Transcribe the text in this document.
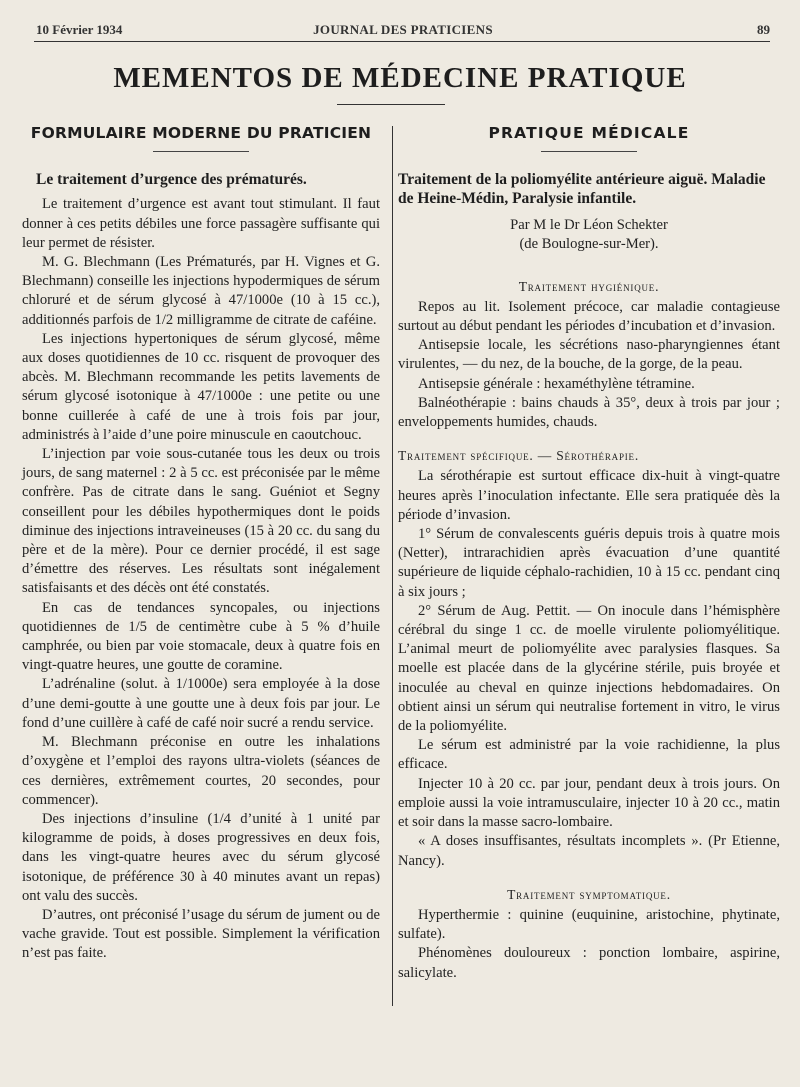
10 Février 1934	JOURNAL DES PRATICIENS	89
MEMENTOS DE MÉDECINE PRATIQUE
FORMULAIRE MODERNE DU PRATICIEN
Le traitement d’urgence des prématurés.

Le traitement d’urgence est avant tout stimulant. Il faut donner à ces petits débiles une force passagère suffisante qui leur permet de résister.

M. G. Blechmann (Les Prématurés, par H. Vignes et G. Blechmann) conseille les injections hypodermiques de sérum chloruré et de sérum glycosé à 47/1000e (10 à 15 cc.), additionnés parfois de 1/2 milligramme de citrate de caféine.

Les injections hypertoniques de sérum glycosé, même aux doses quotidiennes de 10 cc. risquent de provoquer des abcès. M. Blechmann recommande les petits lavements de sérum glycosé isotonique à 47/1000e : une petite ou une bonne cuillerée à café de une à trois fois par jour, administrés à l’aide d’une poire minuscule en caoutchouc.

L’injection par voie sous-cutanée tous les deux ou trois jours, de sang maternel : 2 à 5 cc. est préconisée par le même confrère. Pas de citrate dans le sang. Guéniot et Segny conseillent pour les débiles hypothermiques dont le poids diminue des injections intraveineuses (15 à 20 cc. du sang du père et de la mère). Pour ce dernier procédé, il est sage d’émettre des réserves. Les résultats sont inégalement satisfaisants et des décès ont été constatés.

En cas de tendances syncopales, ou injections quotidiennes de 1/5 de centimètre cube à 5 % d’huile camphrée, ou bien par voie stomacale, deux à quatre fois en vingt-quatre heures, une goutte de coramine.

L’adrénaline (solut. à 1/1000e) sera employée à la dose d’une demi-goutte à une goutte une à deux fois par jour. Le fond d’une cuillère à café de café noir sucré a rendu service.

M. Blechmann préconise en outre les inhalations d’oxygène et l’emploi des rayons ultra-violets (séances de ces dernières, extrêmement courtes, 20 secondes, pour commencer).

Des injections d’insuline (1/4 d’unité à 1 unité par kilogramme de poids, à doses progressives en deux fois, dans les vingt-quatre heures avec du sérum glycosé isotonique, de préférence 30 à 40 minutes avant un repas) ont valu des succès.

D’autres, ont préconisé l’usage du sérum de jument ou de vache gravide. Tout est possible. Simplement la vérification n’est pas faite.

PRATIQUE MÉDICALE
Traitement de la poliomyélite antérieure aiguë. Maladie de Heine-Médin, Paralysie infantile.
Par M le Dr Léon Schekter
(de Boulogne-sur-Mer).
Traitement hygiénique.

Repos au lit. Isolement précoce, car maladie contagieuse surtout au début pendant les périodes d’incubation et d’invasion.

Antisepsie locale, les sécrétions naso-pharyngiennes étant virulentes, — du nez, de la bouche, de la gorge, de la peau.

Antisepsie générale : hexaméthylène tétramine.

Balnéothérapie : bains chauds à 35°, deux à trois par jour ; enveloppements humides, chauds.

Traitement spécifique. — Sérothérapie.

La sérothérapie est surtout efficace dix-huit à vingt-quatre heures après l’inoculation infectante. Elle sera pratiquée dès la période d’invasion.

1° Sérum de convalescents guéris depuis trois à quatre mois (Netter), intrarachidien après évacuation d’une quantité supérieure de liquide céphalo-rachidien, 10 à 15 cc. pendant cinq à six jours ;

2° Sérum de Aug. Pettit. — On inocule dans l’hémisphère cérébral du singe 1 cc. de moelle virulente poliomyélitique. L’animal meurt de poliomyélite avec paralysies flasques. Sa moelle est placée dans de la glycérine stérile, puis broyée et inoculée au cheval en quinze injections hebdomadaires. On obtient ainsi un sérum qui neutralise fortement in vitro, le virus de la poliomyélite.

Le sérum est administré par la voie rachidienne, la plus efficace.

Injecter 10 à 20 cc. par jour, pendant deux à trois jours. On emploie aussi la voie intramusculaire, injecter 10 à 20 cc., matin et soir dans la masse sacro-lombaire.

« A doses insuffisantes, résultats incomplets ». (Pr Etienne, Nancy).

Traitement symptomatique.

Hyperthermie : quinine (euquinine, aristochine, phytinate, sulfate).

Phénomènes douloureux : ponction lombaire, aspirine, salicylate.
